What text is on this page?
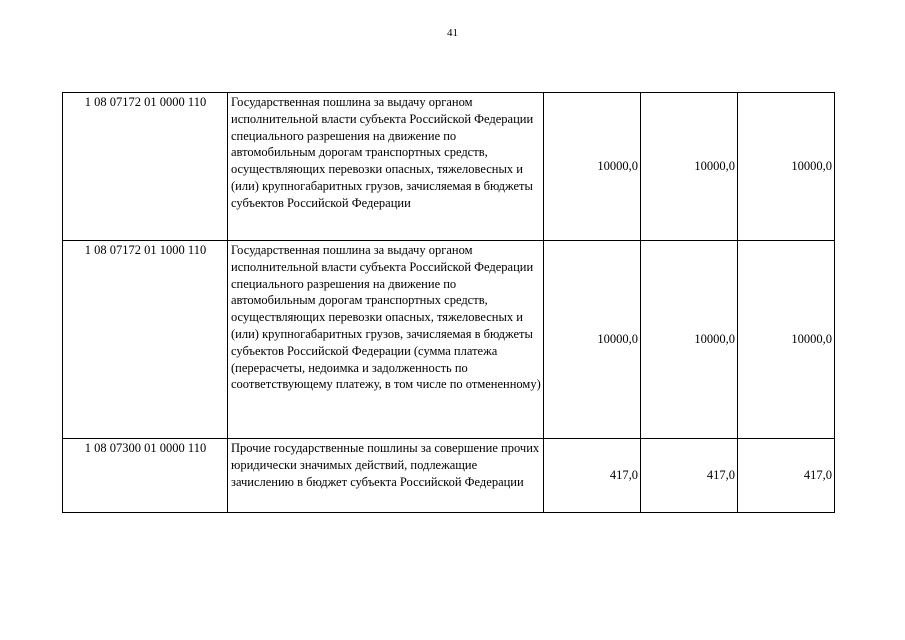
41
1 08 07172 01 0000 110	Государственная пошлина за выдачу органом исполнительной власти субъекта Российской Федерации специального разрешения на движение по автомобильным дорогам транспортных средств, осуществляющих перевозки опасных, тяжеловесных и (или) крупногабаритных грузов, зачисляемая в бюджеты субъектов Российской Федерации	10000,0	10000,0	10000,0
1 08 07172 01 1000 110	Государственная пошлина за выдачу органом исполнительной власти субъекта Российской Федерации специального разрешения на движение по автомобильным дорогам транспортных средств, осуществляющих перевозки опасных, тяжеловесных и (или) крупногабаритных грузов, зачисляемая в бюджеты субъектов Российской Федерации (сумма платежа (перерасчеты, недоимка и задолженность по соответствующему платежу, в том числе по отмененному)	10000,0	10000,0	10000,0
1 08 07300 01 0000 110	Прочие государственные пошлины за совершение прочих юридически значимых действий, подлежащие зачислению в бюджет субъекта Российской Федерации	417,0	417,0	417,0
